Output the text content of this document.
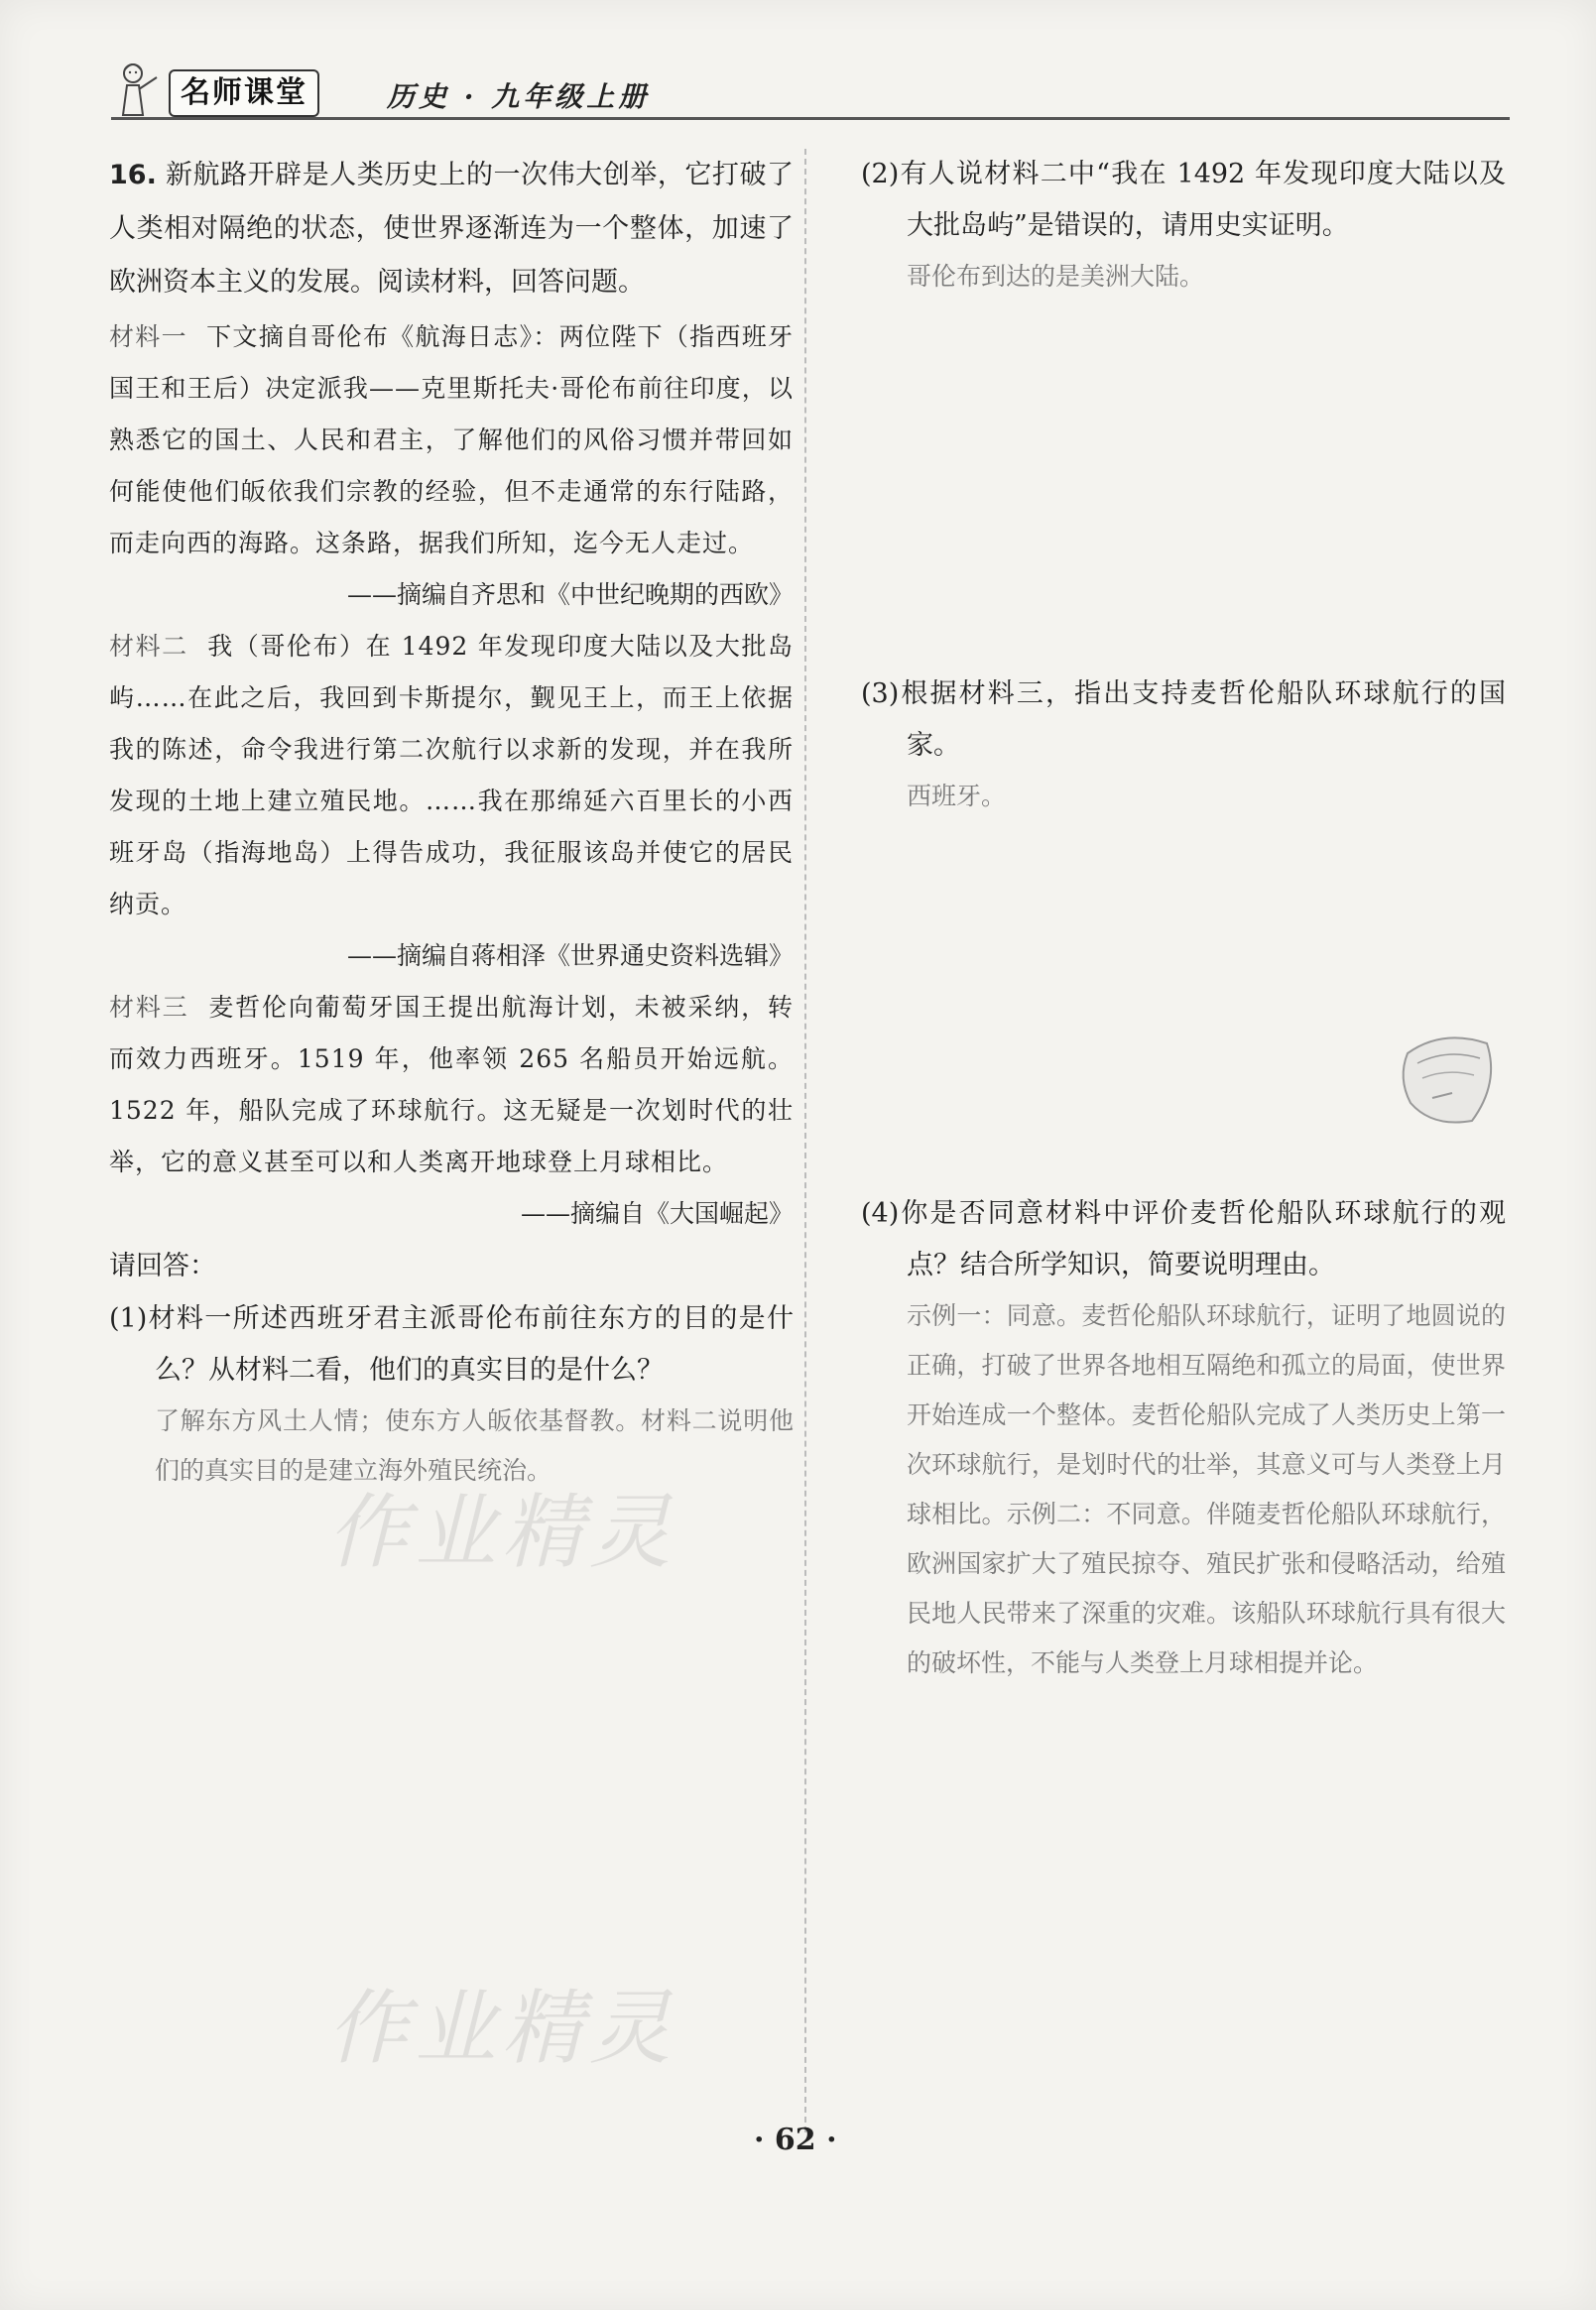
名师课堂	历史 · 九年级上册

16. 新航路开辟是人类历史上的一次伟大创举，它打破了人类相对隔绝的状态，使世界逐渐连为一个整体，加速了欧洲资本主义的发展。阅读材料，回答问题。

材料一 下文摘自哥伦布《航海日志》：两位陛下（指西班牙国王和王后）决定派我——克里斯托夫·哥伦布前往印度，以熟悉它的国土、人民和君主，了解他们的风俗习惯并带回如何能使他们皈依我们宗教的经验，但不走通常的东行陆路，而走向西的海路。这条路，据我们所知，迄今无人走过。

——摘编自齐思和《中世纪晚期的西欧》

材料二 我（哥伦布）在 1492 年发现印度大陆以及大批岛屿……在此之后，我回到卡斯提尔，觐见王上，而王上依据我的陈述，命令我进行第二次航行以求新的发现，并在我所发现的土地上建立殖民地。……我在那绵延六百里长的小西班牙岛（指海地岛）上得告成功，我征服该岛并使它的居民纳贡。

——摘编自蒋相泽《世界通史资料选辑》

材料三 麦哲伦向葡萄牙国王提出航海计划，未被采纳，转而效力西班牙。1519 年，他率领 265 名船员开始远航。1522 年，船队完成了环球航行。这无疑是一次划时代的壮举，它的意义甚至可以和人类离开地球登上月球相比。

——摘编自《大国崛起》

请回答：

(1)材料一所述西班牙君主派哥伦布前往东方的目的是什么？从材料二看，他们的真实目的是什么？

了解东方风土人情；使东方人皈依基督教。材料二说明他们的真实目的是建立海外殖民统治。

(2)有人说材料二中“我在 1492 年发现印度大陆以及大批岛屿”是错误的，请用史实证明。

哥伦布到达的是美洲大陆。

(3)根据材料三，指出支持麦哲伦船队环球航行的国家。

西班牙。

(4)你是否同意材料中评价麦哲伦船队环球航行的观点？结合所学知识，简要说明理由。

示例一：同意。麦哲伦船队环球航行，证明了地圆说的正确，打破了世界各地相互隔绝和孤立的局面，使世界开始连成一个整体。麦哲伦船队完成了人类历史上第一次环球航行，是划时代的壮举，其意义可与人类登上月球相比。示例二：不同意。伴随麦哲伦船队环球航行，欧洲国家扩大了殖民掠夺、殖民扩张和侵略活动，给殖民地人民带来了深重的灾难。该船队环球航行具有很大的破坏性，不能与人类登上月球相提并论。

作业精灵
作业精灵
· 62 ·
